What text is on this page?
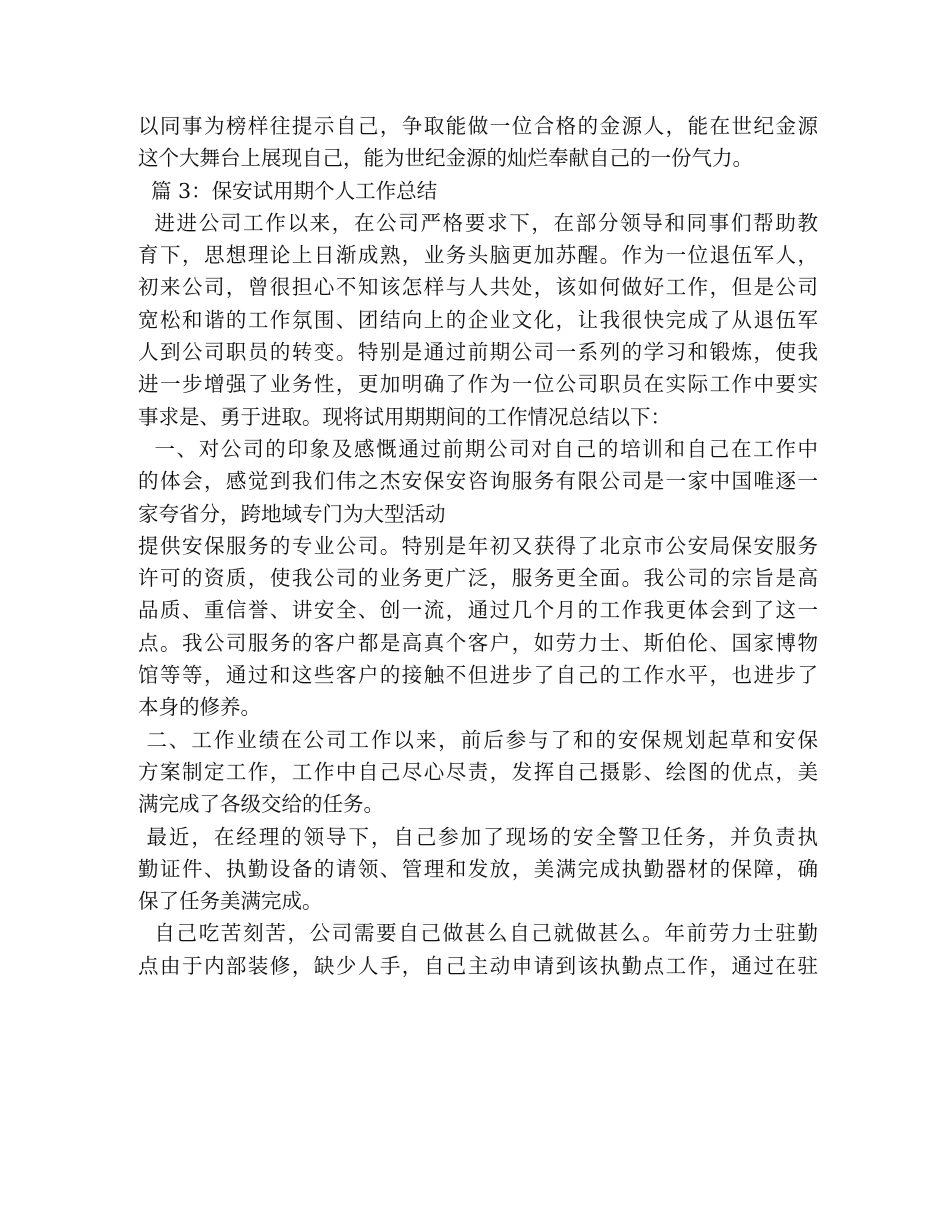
以同事为榜样往提示自己，争取能做一位合格的金源人，能在世纪金源
这个大舞台上展现自己，能为世纪金源的灿烂奉献自己的一份气力。
篇 3：保安试用期个人工作总结
进进公司工作以来，在公司严格要求下，在部分领导和同事们帮助教
育下，思想理论上日渐成熟，业务头脑更加苏醒。作为一位退伍军人，
初来公司，曾很担心不知该怎样与人共处，该如何做好工作，但是公司
宽松和谐的工作氛围、团结向上的企业文化，让我很快完成了从退伍军
人到公司职员的转变。特别是通过前期公司一系列的学习和锻炼，使我
进一步增强了业务性，更加明确了作为一位公司职员在实际工作中要实
事求是、勇于进取。现将试用期期间的工作情况总结以下：
一、对公司的印象及感慨通过前期公司对自己的培训和自己在工作中
的体会，感觉到我们伟之杰安保安咨询服务有限公司是一家中国唯逐一
家夸省分，跨地域专门为大型活动
提供安保服务的专业公司。特别是年初又获得了北京市公安局保安服务
许可的资质，使我公司的业务更广泛，服务更全面。我公司的宗旨是高
品质、重信誉、讲安全、创一流，通过几个月的工作我更体会到了这一
点。我公司服务的客户都是高真个客户，如劳力士、斯伯伦、国家博物
馆等等，通过和这些客户的接触不但进步了自己的工作水平，也进步了
本身的修养。
二、工作业绩在公司工作以来，前后参与了和的安保规划起草和安保
方案制定工作，工作中自己尽心尽责，发挥自己摄影、绘图的优点，美
满完成了各级交给的任务。
最近，在经理的领导下，自己参加了现场的安全警卫任务，并负责执
勤证件、执勤设备的请领、管理和发放，美满完成执勤器材的保障，确
保了任务美满完成。
自己吃苦刻苦，公司需要自己做甚么自己就做甚么。年前劳力士驻勤
点由于内部装修，缺少人手，自己主动申请到该执勤点工作，通过在驻
